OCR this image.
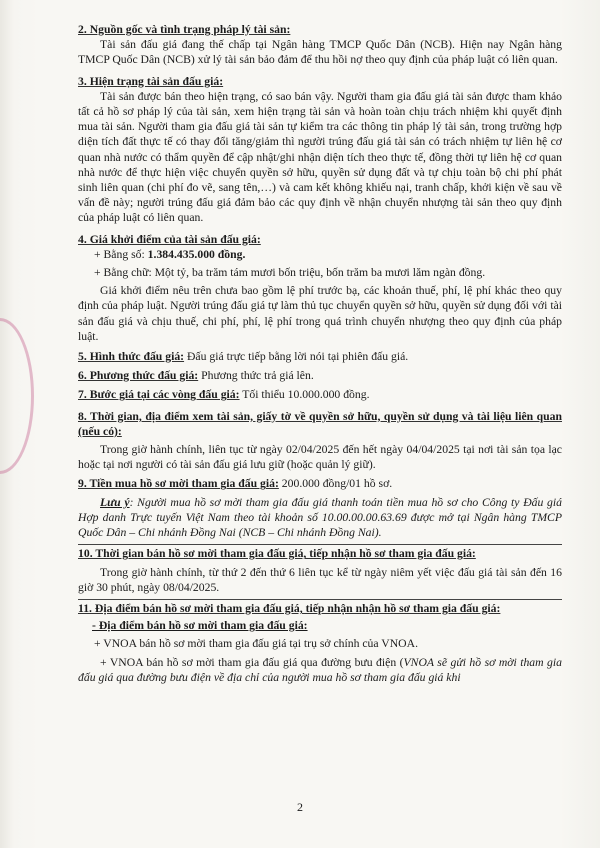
2. Nguồn gốc và tình trạng pháp lý tài sản:

Tài sản đấu giá đang thế chấp tại Ngân hàng TMCP Quốc Dân (NCB). Hiện nay Ngân hàng TMCP Quốc Dân (NCB) xử lý tài sản bảo đảm để thu hồi nợ theo quy định của pháp luật có liên quan.

3. Hiện trạng tài sản đấu giá:

Tài sản được bán theo hiện trạng, có sao bán vậy. Người tham gia đấu giá tài sản được tham khảo tất cả hồ sơ pháp lý của tài sản, xem hiện trạng tài sản và hoàn toàn chịu trách nhiệm khi quyết định mua tài sản. Người tham gia đấu giá tài sản tự kiểm tra các thông tin pháp lý tài sản, trong trường hợp diện tích đất thực tế có thay đổi tăng/giảm thì người trúng đấu giá tài sản có trách nhiệm tự liên hệ cơ quan nhà nước có thẩm quyền để cập nhật/ghi nhận diện tích theo thực tế, đồng thời tự liên hệ cơ quan nhà nước để thực hiện việc chuyển quyền sở hữu, quyền sử dụng đất và tự chịu toàn bộ chi phí phát sinh liên quan (chi phí đo vẽ, sang tên,…) và cam kết không khiếu nại, tranh chấp, khởi kiện về sau về vấn đề này; người trúng đấu giá đảm bảo các quy định về nhận chuyển nhượng tài sản theo quy định của pháp luật có liên quan.

4. Giá khởi điểm của tài sản đấu giá:

+ Bằng số: 1.384.435.000 đồng.

+ Bằng chữ: Một tỷ, ba trăm tám mươi bốn triệu, bốn trăm ba mươi lăm ngàn đồng.

Giá khởi điểm nêu trên chưa bao gồm lệ phí trước bạ, các khoản thuế, phí, lệ phí khác theo quy định của pháp luật. Người trúng đấu giá tự làm thủ tục chuyển quyền sở hữu, quyền sử dụng đối với tài sản đấu giá và chịu thuế, chi phí, phí, lệ phí trong quá trình chuyển nhượng theo quy định của pháp luật.

5. Hình thức đấu giá: Đấu giá trực tiếp bằng lời nói tại phiên đấu giá.

6. Phương thức đấu giá: Phương thức trả giá lên.

7. Bước giá tại các vòng đấu giá: Tối thiểu 10.000.000 đồng.

8. Thời gian, địa điểm xem tài sản, giấy tờ về quyền sở hữu, quyền sử dụng và tài liệu liên quan (nếu có):

Trong giờ hành chính, liên tục từ ngày 02/04/2025 đến hết ngày 04/04/2025 tại nơi tài sản tọa lạc hoặc tại nơi người có tài sản đấu giá lưu giữ (hoặc quản lý giữ).

9. Tiền mua hồ sơ mời tham gia đấu giá: 200.000 đồng/01 hồ sơ.

Lưu ý: Người mua hồ sơ mời tham gia đấu giá thanh toán tiền mua hồ sơ cho Công ty Đấu giá Hợp danh Trực tuyến Việt Nam theo tài khoản số 10.00.00.00.63.69 được mở tại Ngân hàng TMCP Quốc Dân – Chi nhánh Đồng Nai (NCB – Chi nhánh Đồng Nai).

10. Thời gian bán hồ sơ mời tham gia đấu giá, tiếp nhận hồ sơ tham gia đấu giá:

Trong giờ hành chính, từ thứ 2 đến thứ 6 liên tục kể từ ngày niêm yết việc đấu giá tài sản đến 16 giờ 30 phút, ngày 08/04/2025.

11. Địa điểm bán hồ sơ mời tham gia đấu giá, tiếp nhận nhận hồ sơ tham gia đấu giá:

- Địa điểm bán hồ sơ mời tham gia đấu giá:

+ VNOA bán hồ sơ mời tham gia đấu giá tại trụ sở chính của VNOA.

+ VNOA bán hồ sơ mời tham gia đấu giá qua đường bưu điện (VNOA sẽ gửi hồ sơ mời tham gia đấu giá qua đường bưu điện về địa chỉ của người mua hồ sơ tham gia đấu giá khi

2
